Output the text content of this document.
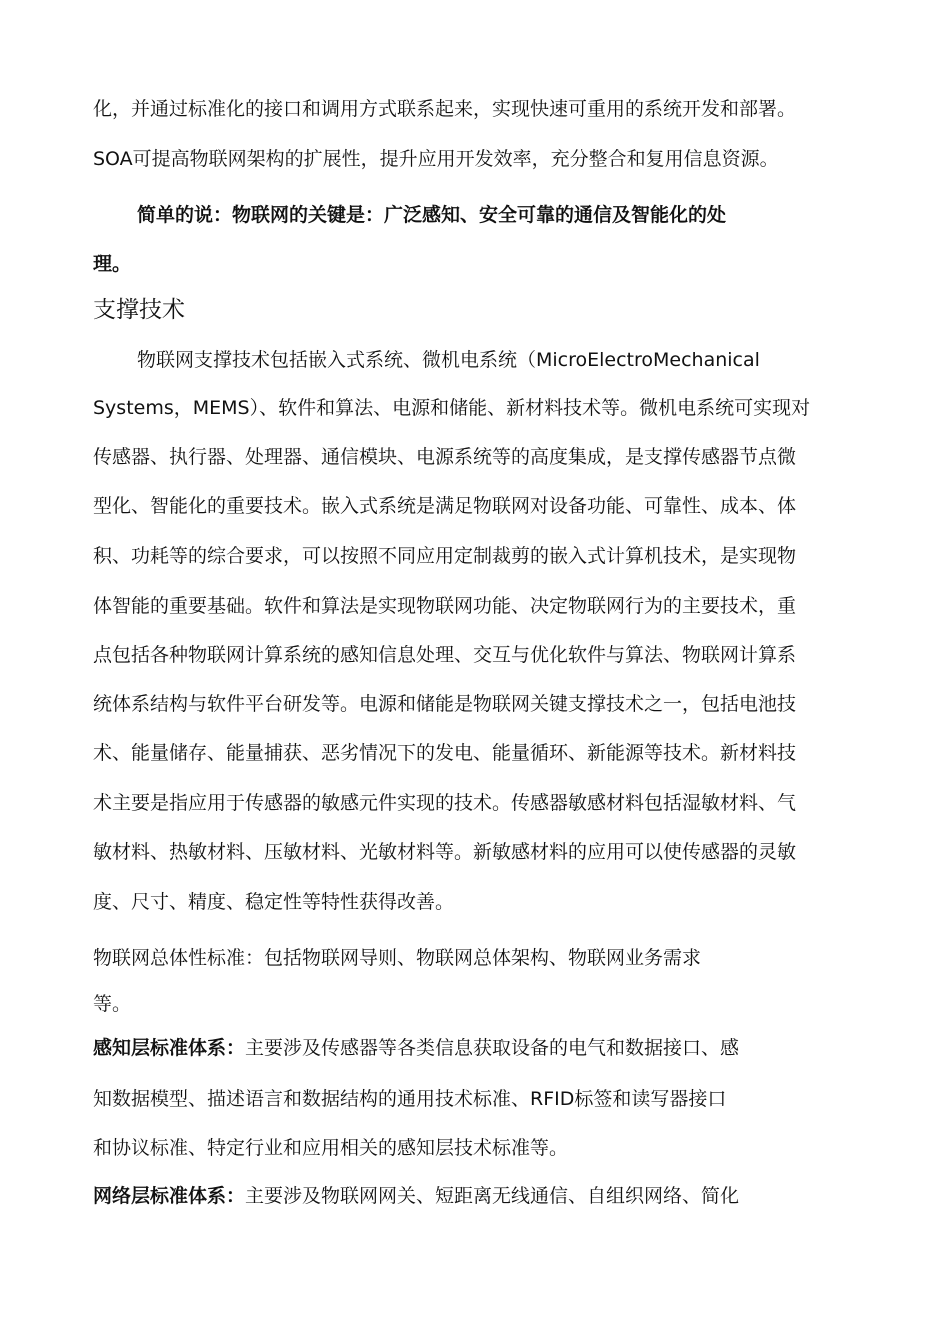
化，并通过标准化的接口和调用方式联系起来，实现快速可重用的系统开发和部署。
SOA可提高物联网架构的扩展性，提升应用开发效率，充分整合和复用信息资源。
简单的说：物联网的关键是：广泛感知、安全可靠的通信及智能化的处
理。
支撑技术
物联网支撑技术包括嵌入式系统、微机电系统（MicroElectroMechanical
Systems，MEMS）、软件和算法、电源和储能、新材料技术等。微机电系统可实现对
传感器、执行器、处理器、通信模块、电源系统等的高度集成，是支撑传感器节点微
型化、智能化的重要技术。嵌入式系统是满足物联网对设备功能、可靠性、成本、体
积、功耗等的综合要求，可以按照不同应用定制裁剪的嵌入式计算机技术，是实现物
体智能的重要基础。软件和算法是实现物联网功能、决定物联网行为的主要技术，重
点包括各种物联网计算系统的感知信息处理、交互与优化软件与算法、物联网计算系
统体系结构与软件平台研发等。电源和储能是物联网关键支撑技术之一，包括电池技
术、能量储存、能量捕获、恶劣情况下的发电、能量循环、新能源等技术。新材料技
术主要是指应用于传感器的敏感元件实现的技术。传感器敏感材料包括湿敏材料、气
敏材料、热敏材料、压敏材料、光敏材料等。新敏感材料的应用可以使传感器的灵敏
度、尺寸、精度、稳定性等特性获得改善。
物联网总体性标准：包括物联网导则、物联网总体架构、物联网业务需求
等。
感知层标准体系：主要涉及传感器等各类信息获取设备的电气和数据接口、感
知数据模型、描述语言和数据结构的通用技术标准、RFID标签和读写器接口
和协议标准、特定行业和应用相关的感知层技术标准等。
网络层标准体系：主要涉及物联网网关、短距离无线通信、自组织网络、简化
